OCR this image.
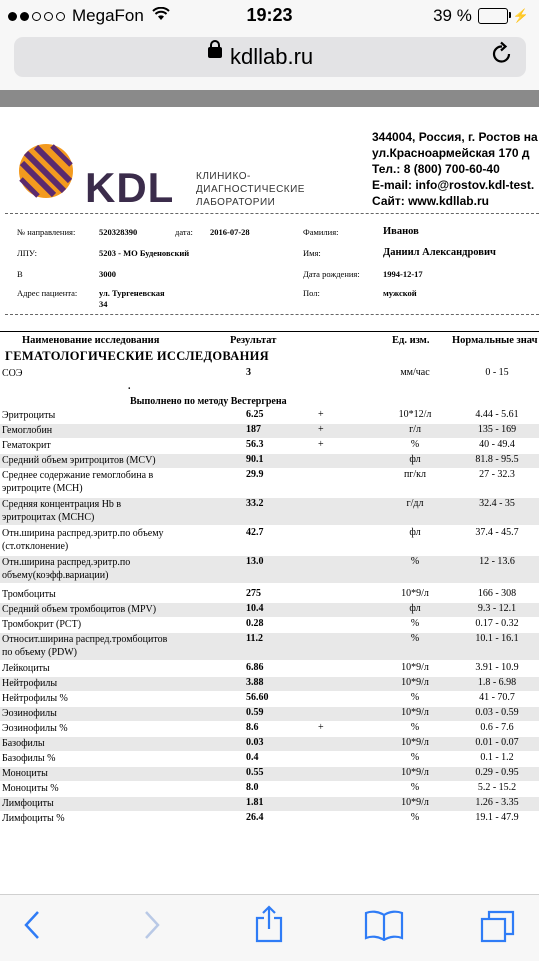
MegaFon	19:23	39 %	⚡
kdllab.ru
KDL КЛИНИКО-
ДИАГНОСТИЧЕСКИЕ
ЛАБОРАТОРИИ
344004, Россия, г. Ростов на
ул.Красноармейская 170 д
Тел.: 8 (800) 700-60-40
E-mail: info@rostov.kdl-test.
Сайт: www.kdllab.ru
№ направления:	520328390	дата: 2016-07-28
ЛПУ:	5203 - МО Буденовский
В	3000
Адрес пациента:	ул. Тургеневская
34
Фамилия:	Иванов
Имя:	Даниил Александрович
Дата рождения:	1994-12-17
Пол:	мужской
Наименование исследования	Результат	Ед. изм. Нормальные знач
ГЕМАТОЛОГИЧЕСКИЕ ИССЛЕДОВАНИЯ
.
Выполнено по методу Вестергрена
СОЭ	3	мм/час	0 - 15
Эритроциты	6.25	+	10*12/л	4.44 - 5.61
Гемоглобин	187	+	г/л	135 - 169
Гематокрит	56.3	+	%	40 - 49.4
Средний объем эритроцитов (MCV)	90.1	фл	81.8 - 95.5
Среднее содержание гемоглобина в
эритроците (MCH)
29.9	пг/кл	27 - 32.3
Средняя концентрация Hb в
эритроцитах (MCHC)
33.2	г/дл	32.4 - 35
Отн.ширина распред.эритр.по объему
(ст.отклонение)
42.7	фл	37.4 - 45.7
Отн.ширина распред.эритр.по
объему(коэфф.вариации)
13.0	%	12 - 13.6
Тромбоциты	275	10*9/л	166 - 308
Средний объем тромбоцитов (MPV)	10.4	фл	9.3 - 12.1
Тромбокрит (PCT)	0.28	%	0.17 - 0.32
Относит.ширина распред.тромбоцитов
по объему (PDW)
11.2	%	10.1 - 16.1
Лейкоциты	6.86	10*9/л	3.91 - 10.9
Нейтрофилы	3.88	10*9/л	1.8 - 6.98
Нейтрофилы %	56.60	%	41 - 70.7
Эозинофилы	0.59	10*9/л	0.03 - 0.59
Эозинофилы %	8.6	+	%	0.6 - 7.6
Базофилы	0.03	10*9/л	0.01 - 0.07
Базофилы %	0.4	%	0.1 - 1.2
Моноциты	0.55	10*9/л	0.29 - 0.95
Моноциты %	8.0	%	5.2 - 15.2
Лимфоциты	1.81	10*9/л	1.26 - 3.35
Лимфоциты %	26.4	%	19.1 - 47.9
